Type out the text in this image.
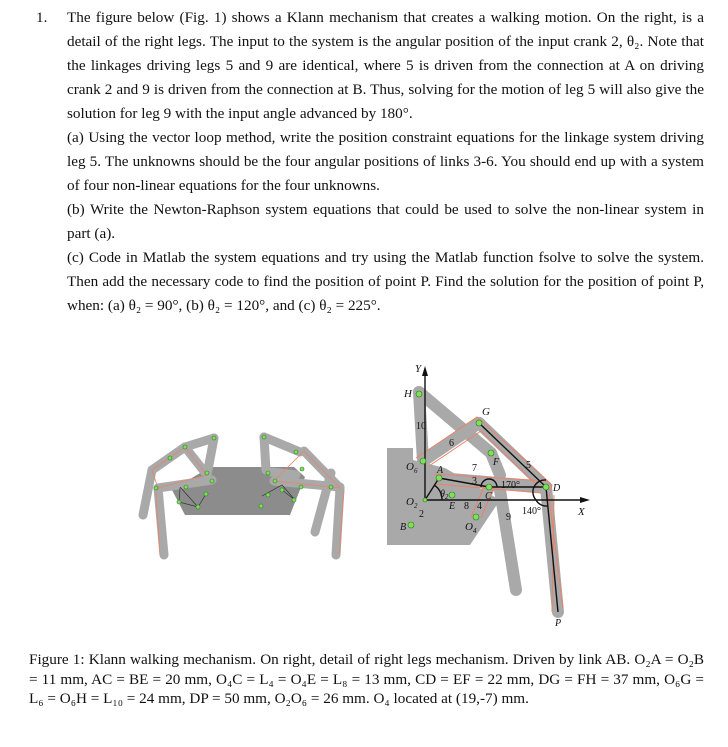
1. The figure below (Fig. 1) shows a Klann mechanism that creates a walking motion. On the right, is a detail of the right legs. The input to the system is the angular position of the input crank 2, θ₂. Note that the linkages driving legs 5 and 9 are identical, where 5 is driven from the connection at A on driving crank 2 and 9 is driven from the connection at B. Thus, solving for the motion of leg 5 will also give the solution for leg 9 with the input angle advanced by 180°.

(a) Using the vector loop method, write the position constraint equations for the linkage system driving leg 5. The unknowns should be the four angular positions of links 3-6. You should end up with a system of four non-linear equations for the four unknowns.

(b) Write the Newton-Raphson system equations that could be used to solve the non-linear system in part (a).

(c) Code in Matlab the system equations and try using the Matlab function fsolve to solve the system. Then add the necessary code to find the position of point P. Find the solution for the position of point P, when: (a) θ₂ = 90°, (b) θ₂ = 120°, and (c) θ₂ = 225°.

Y
X
H
G
F
A
C
D
E
B
P
$O_6$
$O_2$
$O_4$
$\theta_2$
10
6
7
3
5
2
8 4
9
170°
140°
Figure 1: Klann walking mechanism. On right, detail of right legs mechanism. Driven by link AB. O₂A = O₂B = 11 mm, AC = BE = 20 mm, O₄C = L₄ = O₄E = L₈ = 13 mm, CD = EF = 22 mm, DG = FH = 37 mm, O₆G = L₆ = O₆H = L₁₀ = 24 mm, DP = 50 mm, O₂O₆ = 26 mm. O₄ located at (19,-7) mm.
